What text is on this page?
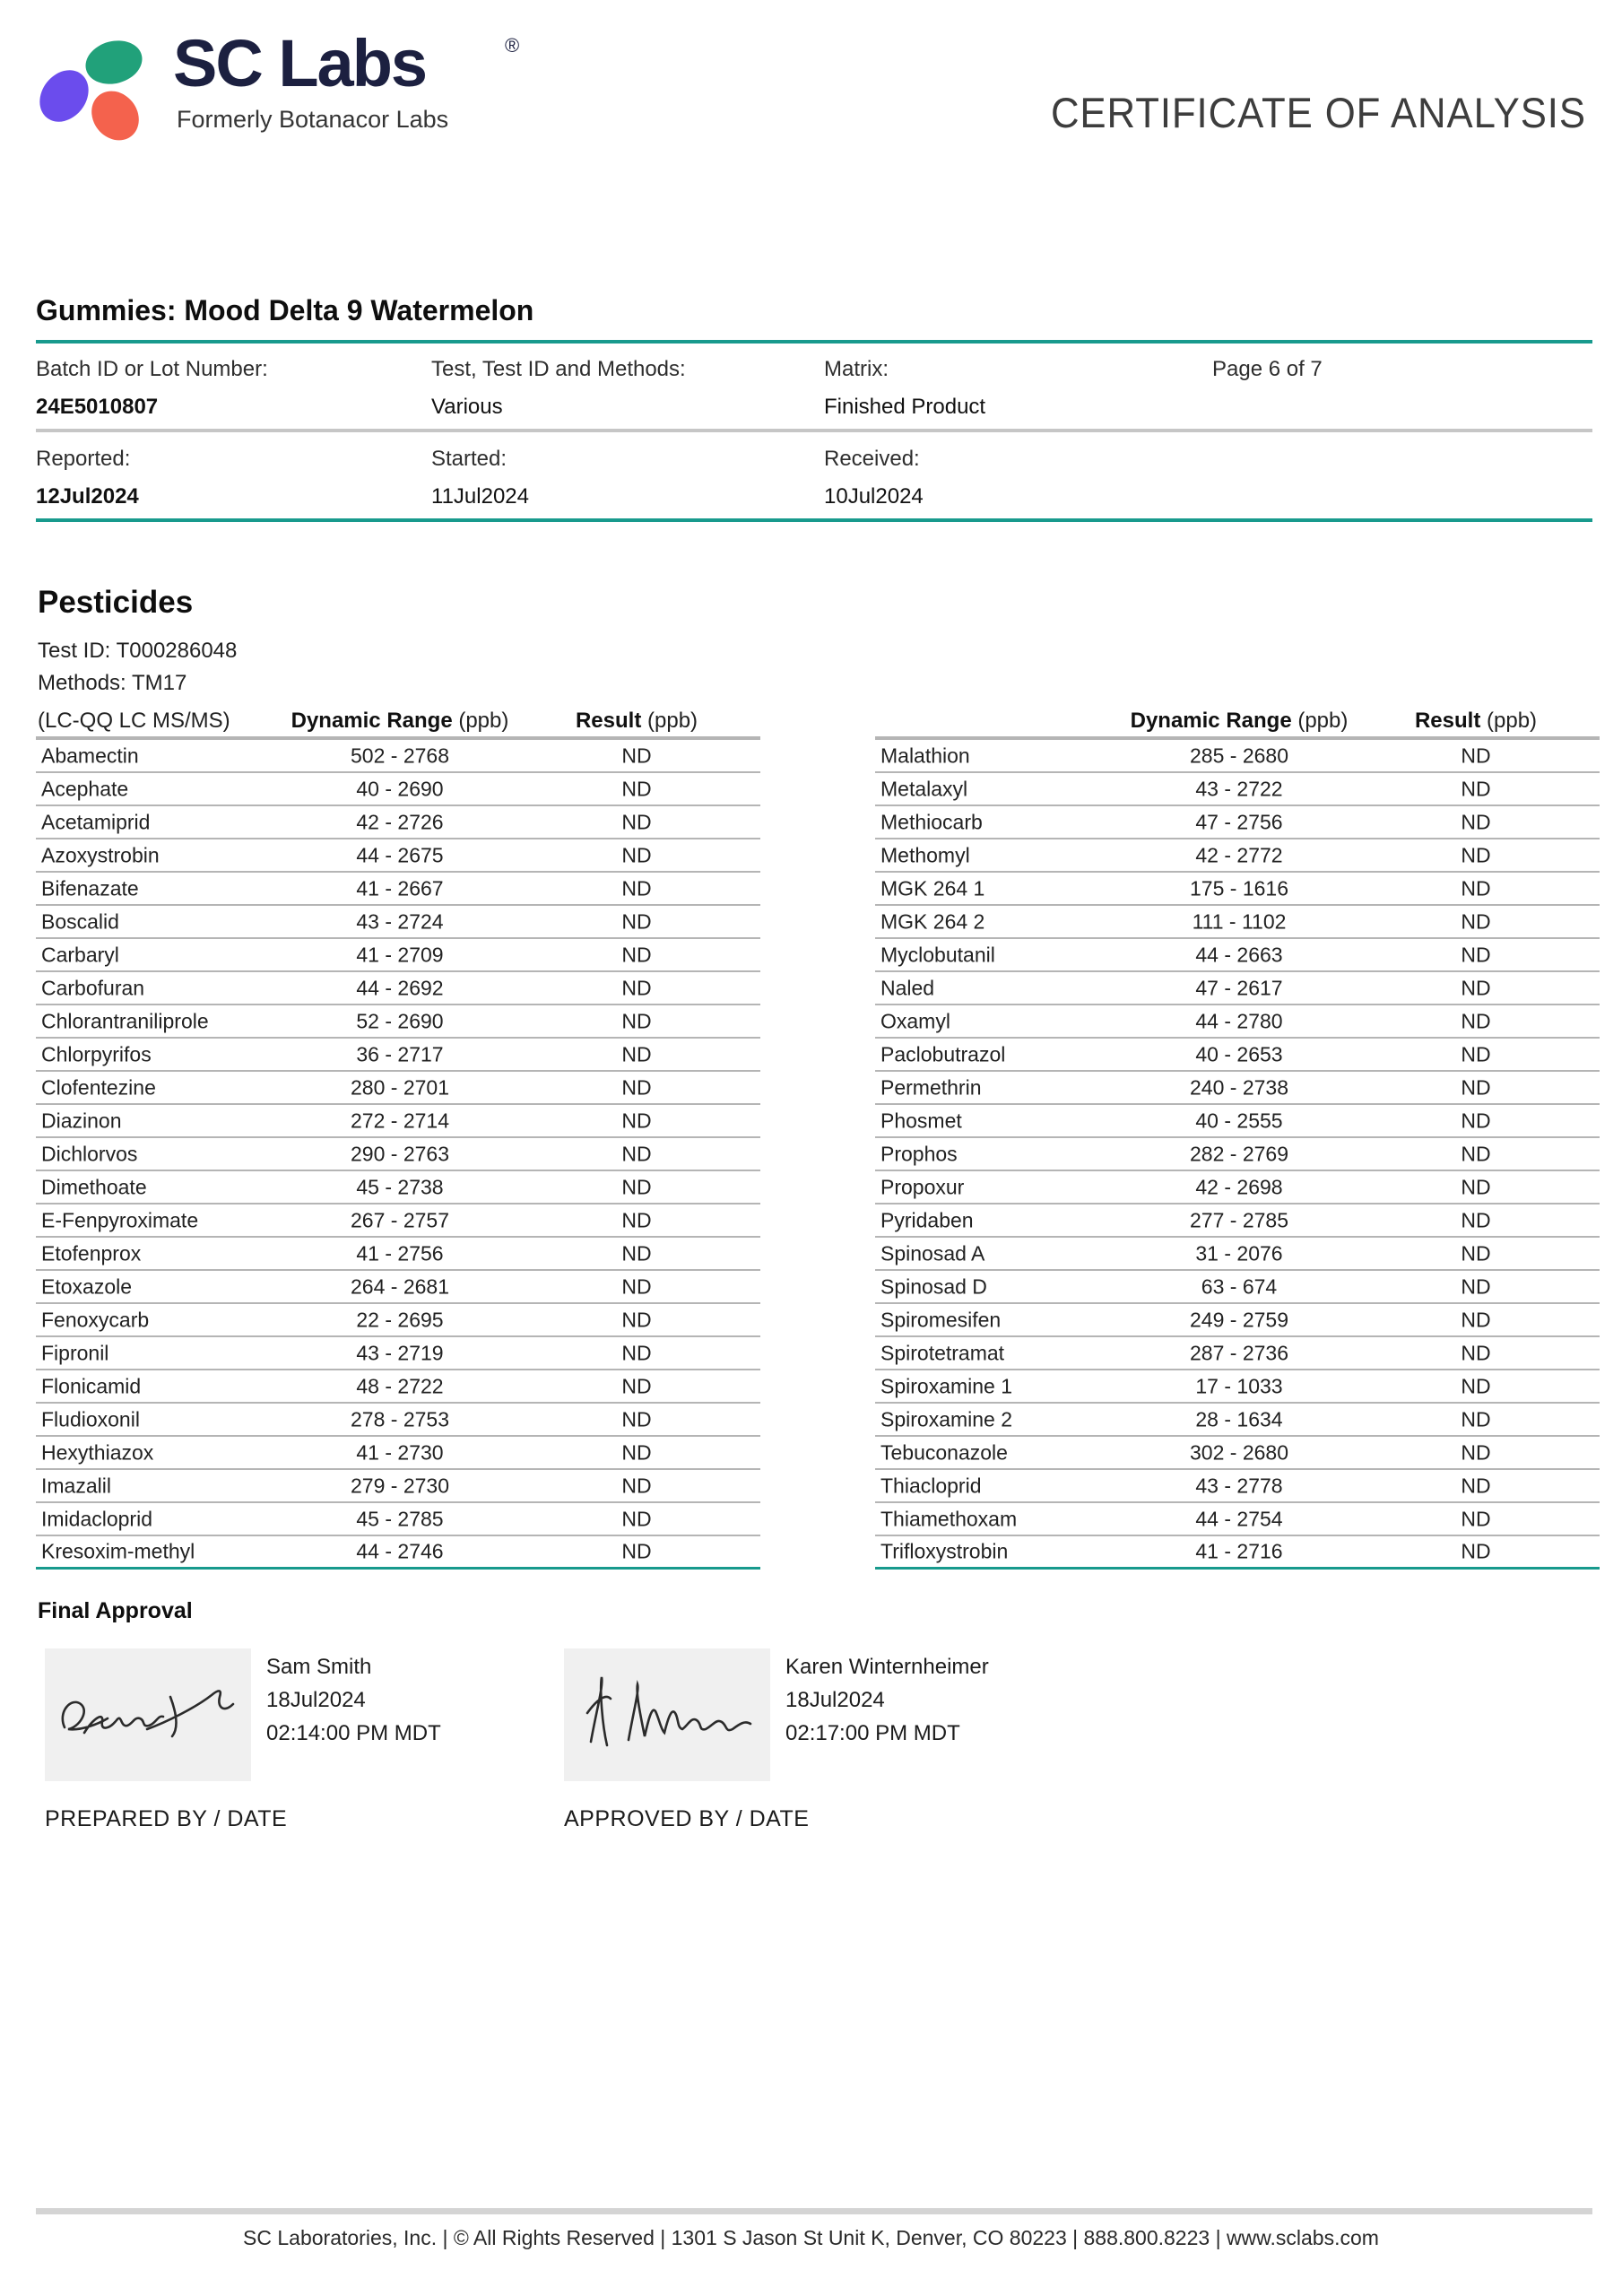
SC Labs	®
Formerly Botanacor Labs	CERTIFICATE OF ANALYSIS
Gummies: Mood Delta 9 Watermelon
Batch ID or Lot Number:
24E5010807
Test, Test ID and Methods:
Various
Matrix:
Finished Product
Page 6 of 7
Reported:
12Jul2024
Started:
11Jul2024
Received:
10Jul2024
Pesticides
Test ID: T000286048
Methods: TM17
(LC-QQ LC MS/MS)	Dynamic Range (ppb)	Result (ppb)
Abamectin	502 - 2768	ND
Acephate	40 - 2690	ND
Acetamiprid	42 - 2726	ND
Azoxystrobin	44 - 2675	ND
Bifenazate	41 - 2667	ND
Boscalid	43 - 2724	ND
Carbaryl	41 - 2709	ND
Carbofuran	44 - 2692	ND
Chlorantraniliprole	52 - 2690	ND
Chlorpyrifos	36 - 2717	ND
Clofentezine	280 - 2701	ND
Diazinon	272 - 2714	ND
Dichlorvos	290 - 2763	ND
Dimethoate	45 - 2738	ND
E-Fenpyroximate	267 - 2757	ND
Etofenprox	41 - 2756	ND
Etoxazole	264 - 2681	ND
Fenoxycarb	22 - 2695	ND
Fipronil	43 - 2719	ND
Flonicamid	48 - 2722	ND
Fludioxonil	278 - 2753	ND
Hexythiazox	41 - 2730	ND
Imazalil	279 - 2730	ND
Imidacloprid	45 - 2785	ND
Kresoxim-methyl	44 - 2746	ND
Dynamic Range (ppb)	Result (ppb)
Malathion	285 - 2680	ND
Metalaxyl	43 - 2722	ND
Methiocarb	47 - 2756	ND
Methomyl	42 - 2772	ND
MGK 264 1	175 - 1616	ND
MGK 264 2	111 - 1102	ND
Myclobutanil	44 - 2663	ND
Naled	47 - 2617	ND
Oxamyl	44 - 2780	ND
Paclobutrazol	40 - 2653	ND
Permethrin	240 - 2738	ND
Phosmet	40 - 2555	ND
Prophos	282 - 2769	ND
Propoxur	42 - 2698	ND
Pyridaben	277 - 2785	ND
Spinosad A	31 - 2076	ND
Spinosad D	63 - 674	ND
Spiromesifen	249 - 2759	ND
Spirotetramat	287 - 2736	ND
Spiroxamine 1	17 - 1033	ND
Spiroxamine 2	28 - 1634	ND
Tebuconazole	302 - 2680	ND
Thiacloprid	43 - 2778	ND
Thiamethoxam	44 - 2754	ND
Trifloxystrobin	41 - 2716	ND
Final Approval
Sam Smith
18Jul2024
02:14:00 PM MDT
PREPARED BY / DATE
Karen Winternheimer
18Jul2024
02:17:00 PM MDT
APPROVED BY / DATE
SC Laboratories, Inc. | © All Rights Reserved | 1301 S Jason St Unit K, Denver, CO 80223 | 888.800.8223 | www.sclabs.com
